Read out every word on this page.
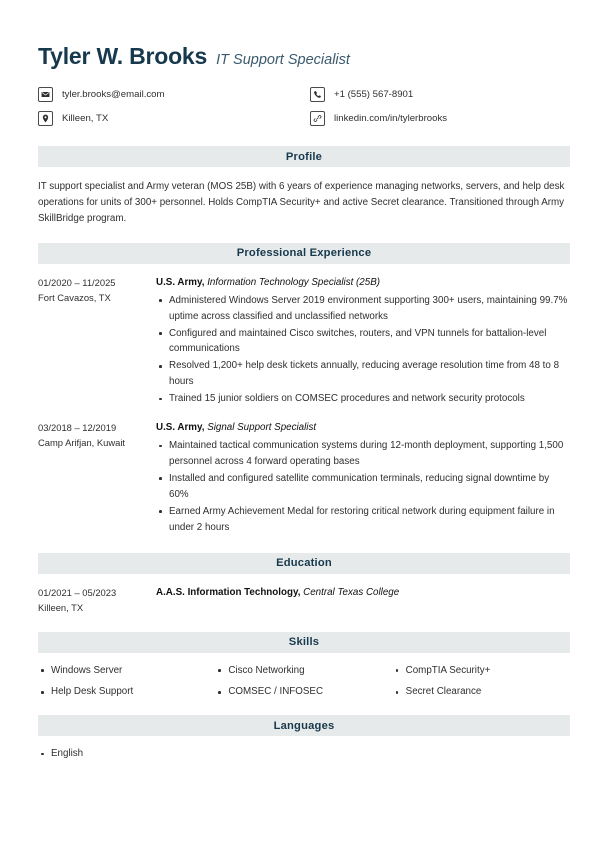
Tyler W. Brooks IT Support Specialist
tyler.brooks@email.com	+1 (555) 567-8901
Killeen, TX	linkedin.com/in/tylerbrooks
Profile

IT support specialist and Army veteran (MOS 25B) with 6 years of experience managing networks, servers, and help desk operations for units of 300+ personnel. Holds CompTIA Security+ and active Secret clearance. Transitioned through Army SkillBridge program.

Professional Experience
01/2020 – 11/2025
Fort Cavazos, TX
U.S. Army, Information Technology Specialist (25B)
Administered Windows Server 2019 environment supporting 300+ users, maintaining 99.7% uptime across classified and unclassified networks
Configured and maintained Cisco switches, routers, and VPN tunnels for battalion-level communications
Resolved 1,200+ help desk tickets annually, reducing average resolution time from 48 to 8 hours
Trained 15 junior soldiers on COMSEC procedures and network security protocols
03/2018 – 12/2019
Camp Arifjan, Kuwait
U.S. Army, Signal Support Specialist
Maintained tactical communication systems during 12-month deployment, supporting 1,500 personnel across 4 forward operating bases
Installed and configured satellite communication terminals, reducing signal downtime by 60%
Earned Army Achievement Medal for restoring critical network during equipment failure in under 2 hours
Education
01/2021 – 05/2023
Killeen, TX
A.A.S. Information Technology, Central Texas College
Skills
Windows Server	Cisco Networking	CompTIA Security+
Help Desk Support	COMSEC / INFOSEC	Secret Clearance
Languages
English
